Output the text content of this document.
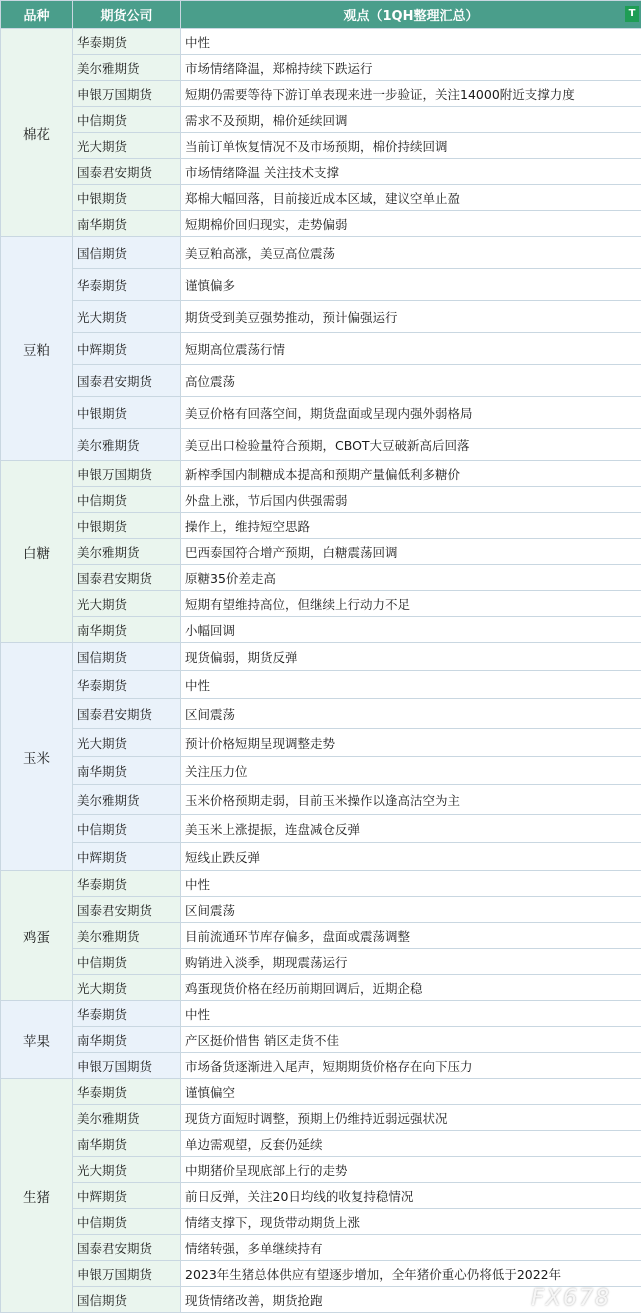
品种	期货公司	观点（1QH整理汇总） T

棉花	华泰期货	中性
	美尔雅期货	市场情绪降温，郑棉持续下跌运行
	申银万国期货	短期仍需要等待下游订单表现来进一步验证，关注14000附近支撑力度
	中信期货	需求不及预期，棉价延续回调
	光大期货	当前订单恢复情况不及市场预期，棉价持续回调
	国泰君安期货	市场情绪降温 关注技术支撑
	中银期货	郑棉大幅回落，目前接近成本区域，建议空单止盈
	南华期货	短期棉价回归现实，走势偏弱
豆粕	国信期货	美豆粕高涨，美豆高位震荡
	华泰期货	谨慎偏多
	光大期货	期货受到美豆强势推动，预计偏强运行
	中辉期货	短期高位震荡行情
	国泰君安期货	高位震荡
	中银期货	美豆价格有回落空间，期货盘面或呈现内强外弱格局
	美尔雅期货	美豆出口检验量符合预期，CBOT大豆破新高后回落
白糖	申银万国期货	新榨季国内制糖成本提高和预期产量偏低利多糖价
	中信期货	外盘上涨，节后国内供强需弱
	中银期货	操作上，维持短空思路
	美尔雅期货	巴西泰国符合增产预期，白糖震荡回调
	国泰君安期货	原糖35价差走高
	光大期货	短期有望维持高位，但继续上行动力不足
	南华期货	小幅回调
玉米	国信期货	现货偏弱，期货反弹
	华泰期货	中性
	国泰君安期货	区间震荡
	光大期货	预计价格短期呈现调整走势
	南华期货	关注压力位
	美尔雅期货	玉米价格预期走弱，目前玉米操作以逢高沽空为主
	中信期货	美玉米上涨提振，连盘减仓反弹
	中辉期货	短线止跌反弹
鸡蛋	华泰期货	中性
	国泰君安期货	区间震荡
	美尔雅期货	目前流通环节库存偏多，盘面或震荡调整
	中信期货	购销进入淡季，期现震荡运行
	光大期货	鸡蛋现货价格在经历前期回调后，近期企稳
苹果	华泰期货	中性
	南华期货	产区挺价惜售 销区走货不佳
	申银万国期货	市场备货逐渐进入尾声，短期期货价格存在向下压力
生猪	华泰期货	谨慎偏空
	美尔雅期货	现货方面短时调整，预期上仍维持近弱远强状况
	南华期货	单边需观望，反套仍延续
	光大期货	中期猪价呈现底部上行的走势
	中辉期货	前日反弹，关注20日均线的收复持稳情况
	中信期货	情绪支撑下，现货带动期货上涨
	国泰君安期货	情绪转强，多单继续持有
	申银万国期货	2023年生猪总体供应有望逐步增加，全年猪价重心仍将低于2022年
	国信期货	现货情绪改善，期货抢跑	FX678
